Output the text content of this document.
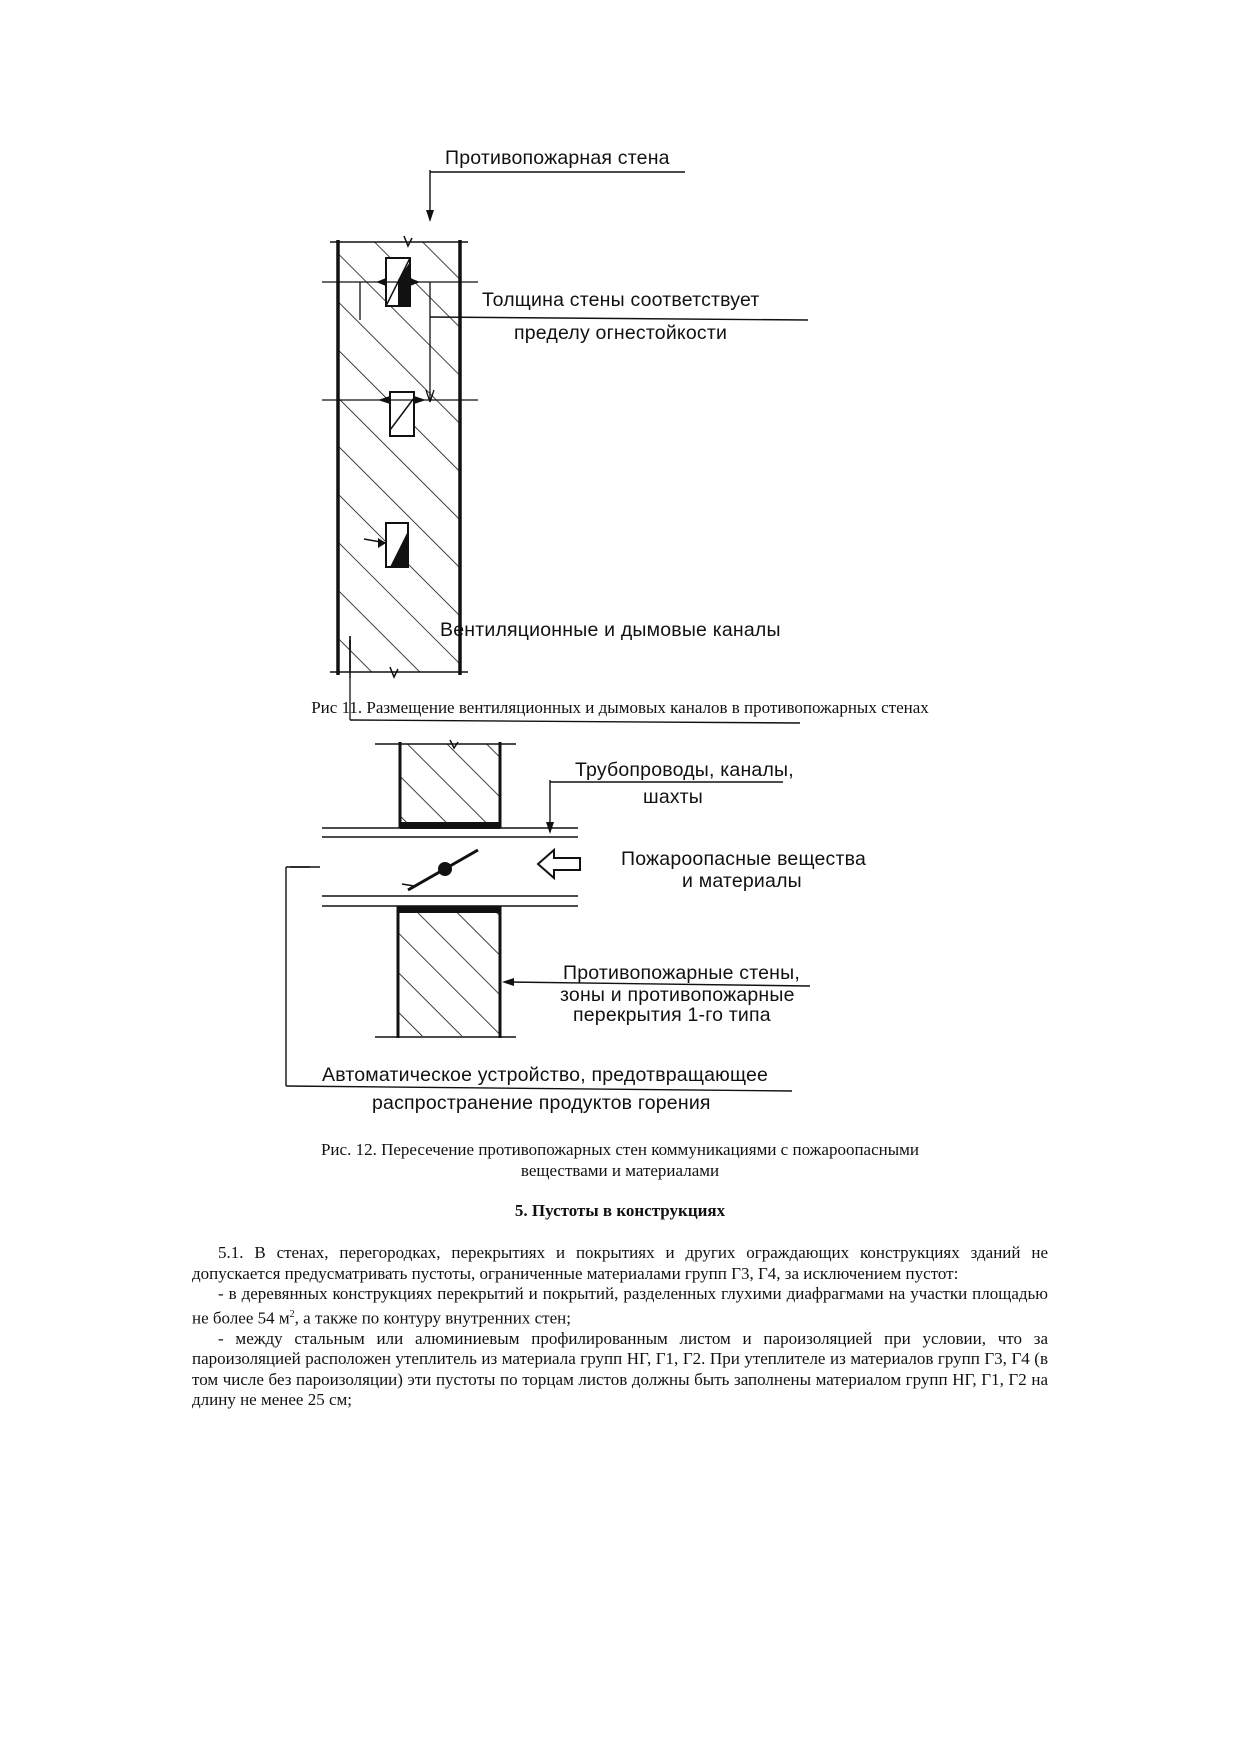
Противопожарная стена
Толщина стены соответствует
пределу огнестойкости
Вентиляционные и дымовые каналы
Рис 11. Размещение вентиляционных и дымовых каналов в противопожарных стенах
Трубопроводы, каналы,
шахты
Пожароопасные вещества
и материалы
Противопожарные стены,
зоны и противопожарные
перекрытия 1-го типа
Автоматическое устройство, предотвращающее
распространение продуктов горения
Рис. 12. Пересечение противопожарных стен коммуникациями с пожароопасными
веществами и материалами
5. Пустоты в конструкциях

5.1. В стенах, перегородках, перекрытиях и покрытиях и других ограждающих конструкциях зданий не допускается предусматривать пустоты, ограниченные материалами групп Г3, Г4, за исключением пустот:

- в деревянных конструкциях перекрытий и покрытий, разделенных глухими диафрагмами на участки площадью не более 54 $м^2$, а также по контуру внутренних стен;

- между стальным или алюминиевым профилированным листом и пароизоляцией при условии, что за пароизоляцией расположен утеплитель из материала групп НГ, Г1, Г2. При утеплителе из материалов групп Г3, Г4 (в том числе без пароизоляции) эти пустоты по торцам листов должны быть заполнены материалом групп НГ, Г1, Г2 на длину не менее 25 см;
